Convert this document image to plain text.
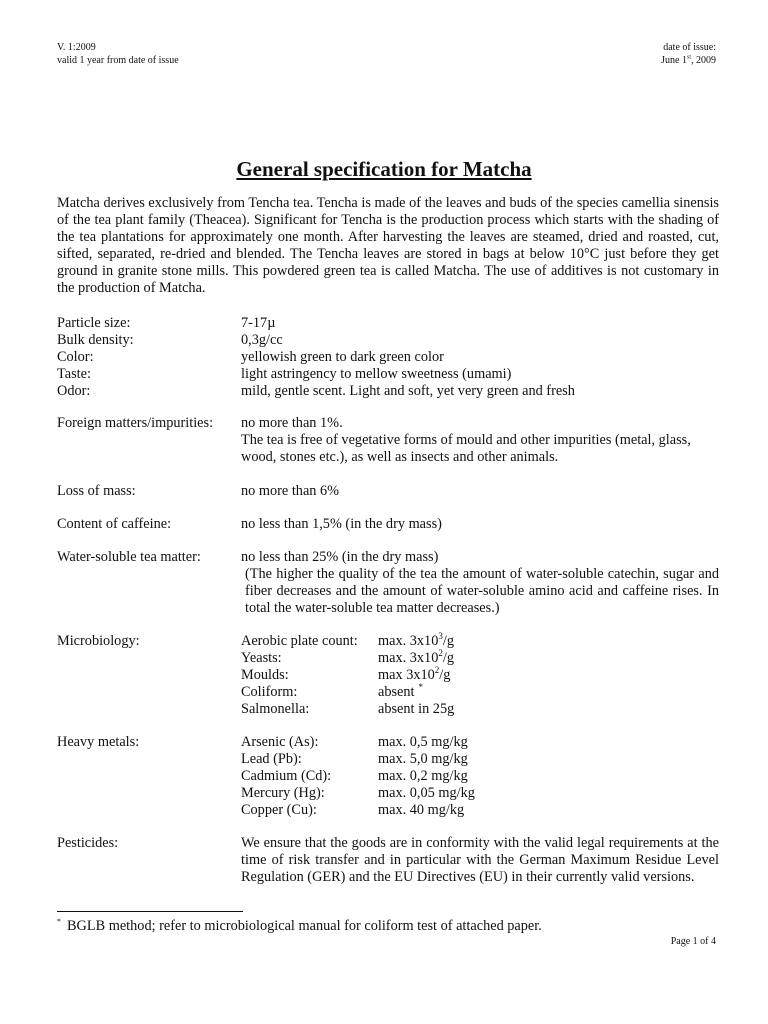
V. 1:2009
valid 1 year from date of issue
date of issue:
June 1st, 2009
General specification for Matcha

Matcha derives exclusively from Tencha tea. Tencha is made of the leaves and buds of the species camellia sinensis of the tea plant family (Theacea). Significant for Tencha is the production process which starts with the shading of the tea plantations for approximately one month. After harvesting the leaves are steamed, dried and roasted, cut, sifted, separated, re-dried and blended. The Tencha leaves are stored in bags at below 10°C just before they get ground in granite stone mills. This powdered green tea is called Matcha. The use of additives is not customary in the production of Matcha.

Particle size:	7-17µ
Bulk density:	0,3g/cc
Color:	yellowish green to dark green color
Taste:	light astringency to mellow sweetness (umami)
Odor:	mild, gentle scent. Light and soft, yet very green and fresh
Foreign matters/impurities: no more than 1%.
The tea is free of vegetative forms of mould and other impurities (metal, glass, wood, stones etc.), as well as insects and other animals.
Loss of mass:	no more than 6%
Content of caffeine:	no less than 1,5% (in the dry mass)
Water-soluble tea matter:	no less than 25% (in the dry mass)
(The higher the quality of the tea the amount of water-soluble catechin, sugar and fiber decreases and the amount of water-soluble amino acid and caffeine rises. In total the water-soluble tea matter decreases.)
Microbiology:	Aerobic plate count: max. $3x10^3/g$
Yeasts:	max. $3x10^2/g$
Moulds:	$\max 3x10^2/g$
Coliform:	absent *
Salmonella:	absent in 25g
Heavy metals:	Arsenic (As):	max. 0,5 mg/kg
Lead (Pb):	max. 5,0 mg/kg
Cadmium (Cd):	max. 0,2 mg/kg
Mercury (Hg):	max. 0,05 mg/kg
Copper (Cu):	max. 40 mg/kg
Pesticides:	We ensure that the goods are in conformity with the valid legal requirements at the time of risk transfer and in particular with the German Maximum Residue Level Regulation (GER) and the EU Directives (EU) in their currently valid versions.
* BGLB method; refer to microbiological manual for coliform test of attached paper.
Page 1 of 4
